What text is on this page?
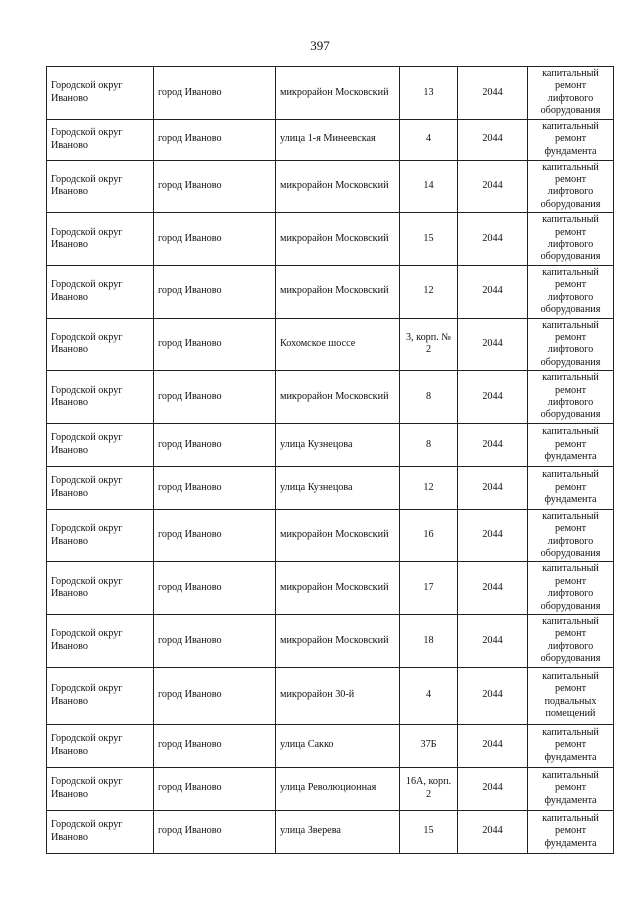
397
Городской округ Иваново	город Иваново	микрорайон Московский	13	2044	капитальный ремонт лифтового оборудования
Городской округ Иваново	город Иваново	улица 1-я Минеевская	4	2044	капитальный ремонт фундамента
Городской округ Иваново	город Иваново	микрорайон Московский	14	2044	капитальный ремонт лифтового оборудования
Городской округ Иваново	город Иваново	микрорайон Московский	15	2044	капитальный ремонт лифтового оборудования
Городской округ Иваново	город Иваново	микрорайон Московский	12	2044	капитальный ремонт лифтового оборудования
Городской округ Иваново	город Иваново	Кохомское шоссе	3, корп. № 2	2044	капитальный ремонт лифтового оборудования
Городской округ Иваново	город Иваново	микрорайон Московский	8	2044	капитальный ремонт лифтового оборудования
Городской округ Иваново	город Иваново	улица Кузнецова	8	2044	капитальный ремонт фундамента
Городской округ Иваново	город Иваново	улица Кузнецова	12	2044	капитальный ремонт фундамента
Городской округ Иваново	город Иваново	микрорайон Московский	16	2044	капитальный ремонт лифтового оборудования
Городской округ Иваново	город Иваново	микрорайон Московский	17	2044	капитальный ремонт лифтового оборудования
Городской округ Иваново	город Иваново	микрорайон Московский	18	2044	капитальный ремонт лифтового оборудования
Городской округ Иваново	город Иваново	микрорайон 30-й	4	2044	капитальный ремонт подвальных помещений
Городской округ Иваново	город Иваново	улица Сакко	37Б	2044	капитальный ремонт фундамента
Городской округ Иваново	город Иваново	улица Революционная	16А, корп. 2	2044	капитальный ремонт фундамента
Городской округ Иваново	город Иваново	улица Зверева	15	2044	капитальный ремонт фундамента
